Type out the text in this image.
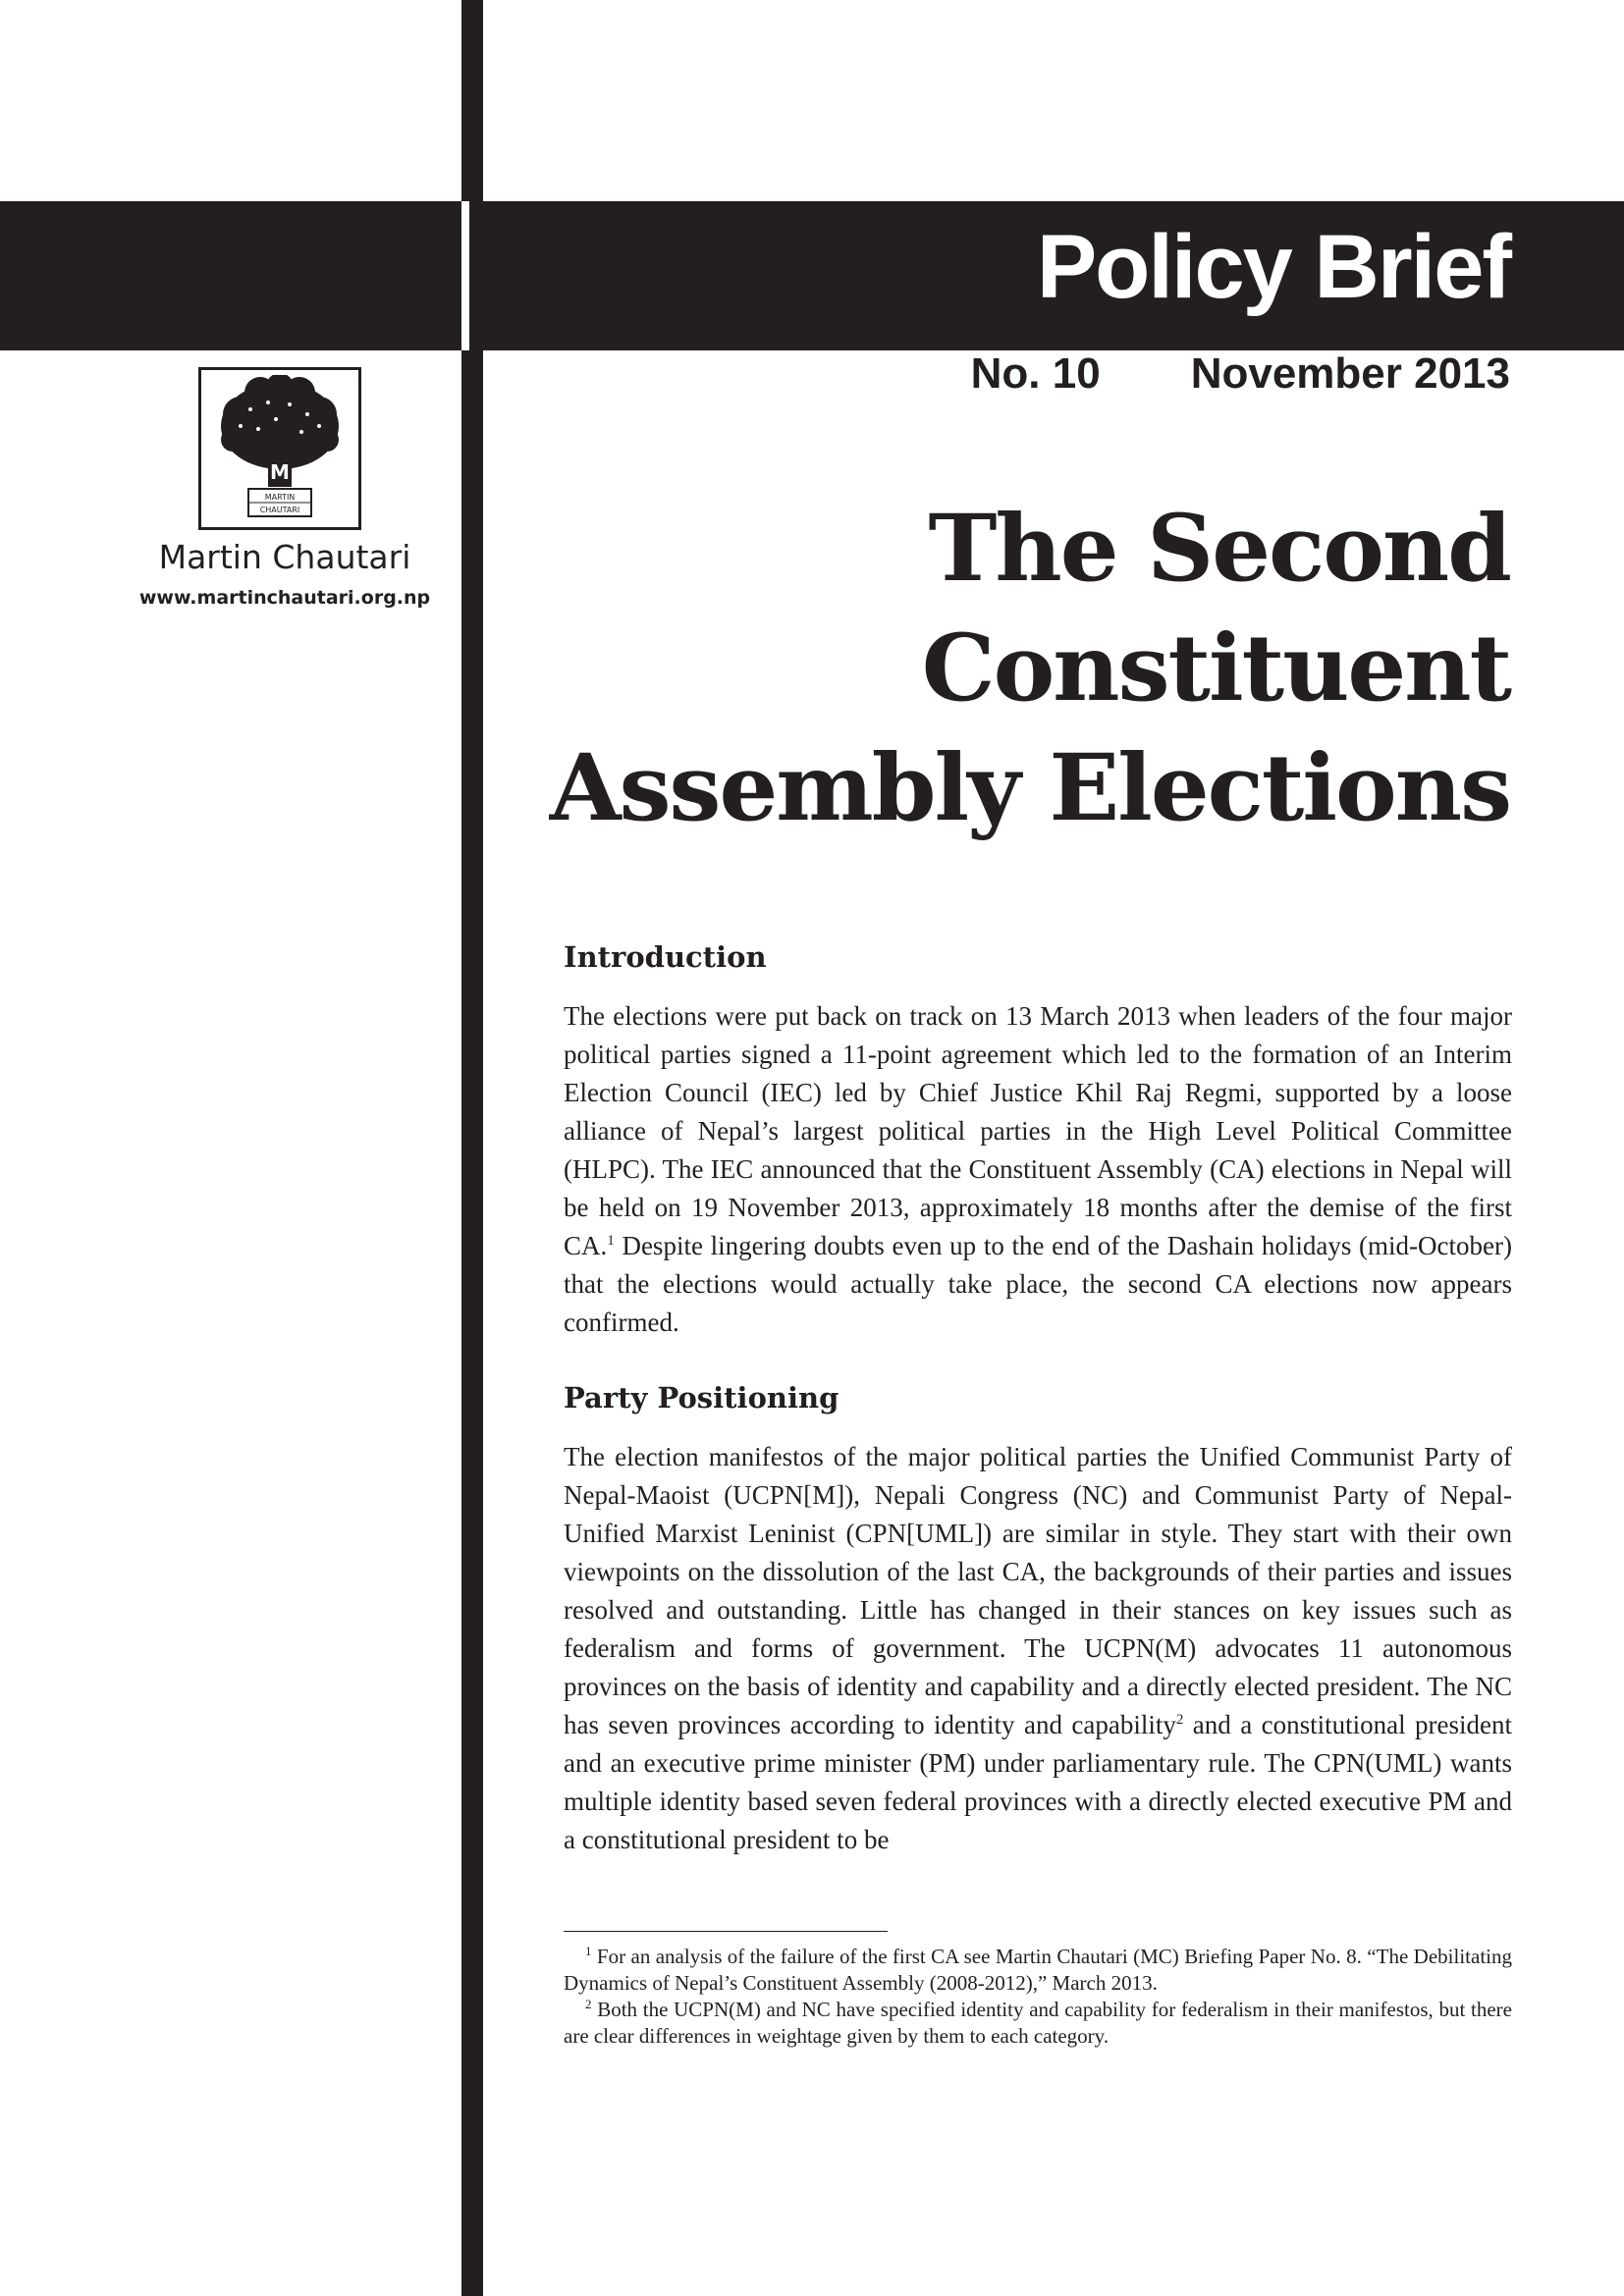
Policy Brief
No. 10 November 2013
M
MARTIN
CHAUTARI
Martin Chautari
www.martinchautari.org.np	The Second Constituent
Assembly Elections
Introduction

The elections were put back on track on 13 March 2013 when leaders of the four major political parties signed a 11-point agreement which led to the formation of an Interim Election Council (IEC) led by Chief Justice Khil Raj Regmi, supported by a loose alliance of Nepal’s largest political parties in the High Level Political Committee (HLPC). The IEC announced that the Constituent Assembly (CA) elections in Nepal will be held on 19 November 2013, approximately 18 months after the demise of the first CA.$^1$ Despite lingering doubts even up to the end of the Dashain holidays (mid-October) that the elections would actually take place, the second CA elections now appears confirmed.

Party Positioning

The election manifestos of the major political parties the Unified Communist Party of Nepal-Maoist (UCPN[M]), Nepali Congress (NC) and Communist Party of Nepal-Unified Marxist Leninist (CPN[UML]) are similar in style. They start with their own viewpoints on the dissolution of the last CA, the backgrounds of their parties and issues resolved and outstanding. Little has changed in their stances on key issues such as federalism and forms of government. The UCPN(M) advocates 11 autonomous provinces on the basis of identity and capability and a directly elected president. The NC has seven provinces according to identity and capability$^2$ and a constitutional president and an executive prime minister (PM) under parliamentary rule. The CPN(UML) wants multiple identity based seven federal provinces with a directly elected executive PM and a constitutional president to be

$^1$ For an analysis of the failure of the first CA see Martin Chautari (MC) Briefing Paper No. 8. “The Debilitating Dynamics of Nepal’s Constituent Assembly (2008-2012),” March 2013.

$^2$ Both the UCPN(M) and NC have specified identity and capability for federalism in their manifestos, but there are clear differences in weightage given by them to each category.
